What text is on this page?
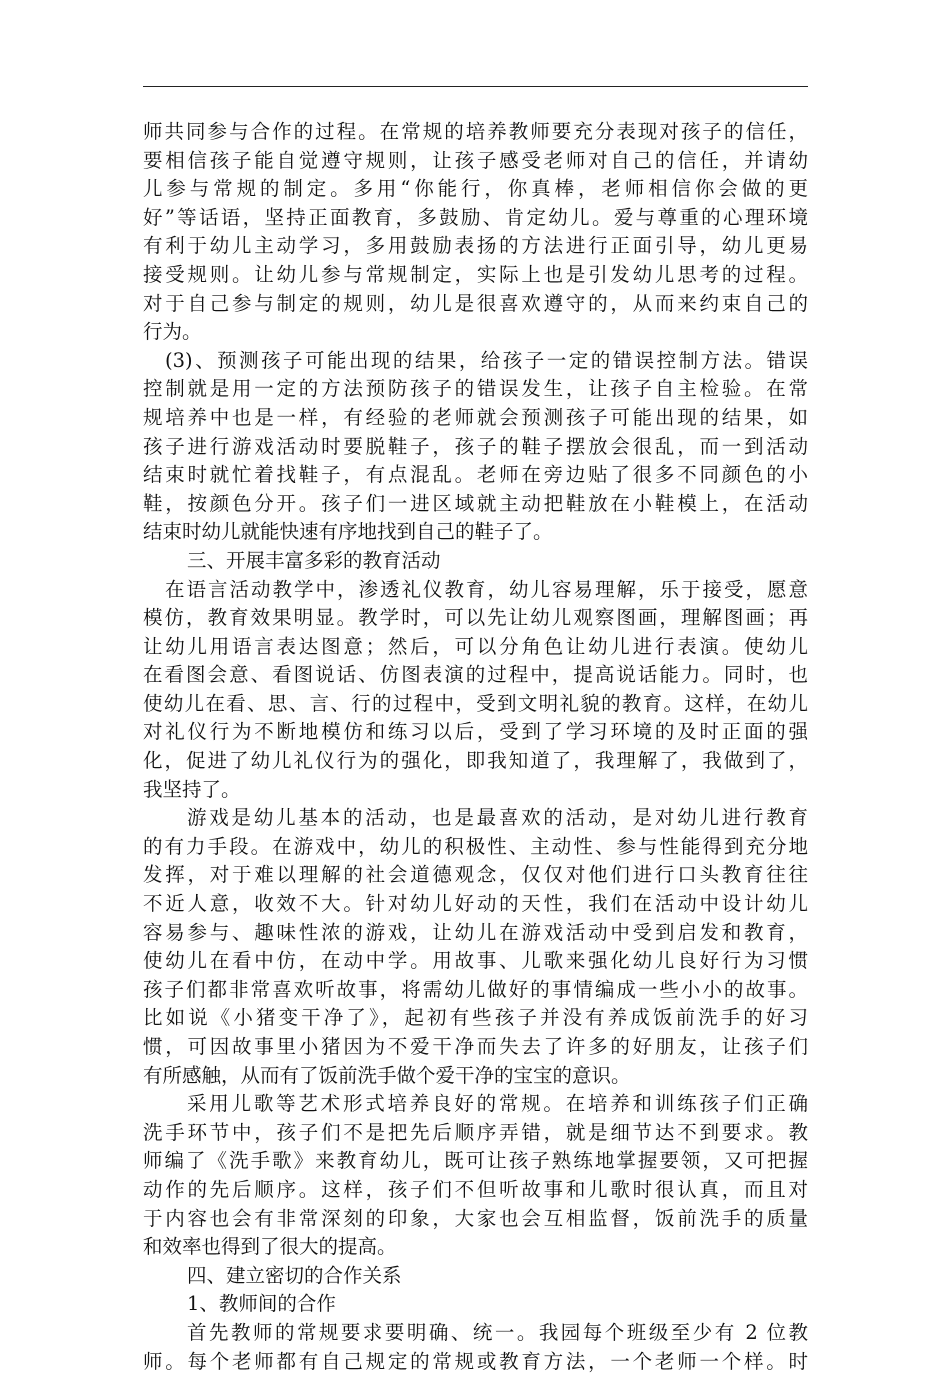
师共同参与合作的过程。在常规的培养教师要充分表现对孩子的信任，
要相信孩子能自觉遵守规则，让孩子感受老师对自己的信任，并请幼
儿参与常规的制定。多用“你能行，你真棒，老师相信你会做的更
好”等话语，坚持正面教育，多鼓励、肯定幼儿。爱与尊重的心理环境
有利于幼儿主动学习，多用鼓励表扬的方法进行正面引导，幼儿更易
接受规则。让幼儿参与常规制定，实际上也是引发幼儿思考的过程。
对于自己参与制定的规则，幼儿是很喜欢遵守的，从而来约束自己的
行为。
(3)、预测孩子可能出现的结果，给孩子一定的错误控制方法。错误
控制就是用一定的方法预防孩子的错误发生，让孩子自主检验。在常
规培养中也是一样，有经验的老师就会预测孩子可能出现的结果，如
孩子进行游戏活动时要脱鞋子，孩子的鞋子摆放会很乱，而一到活动
结束时就忙着找鞋子，有点混乱。老师在旁边贴了很多不同颜色的小
鞋，按颜色分开。孩子们一进区域就主动把鞋放在小鞋模上，在活动
结束时幼儿就能快速有序地找到自己的鞋子了。
三、开展丰富多彩的教育活动
在语言活动教学中，渗透礼仪教育，幼儿容易理解，乐于接受，愿意
模仿，教育效果明显。教学时，可以先让幼儿观察图画，理解图画；再
让幼儿用语言表达图意；然后，可以分角色让幼儿进行表演。使幼儿
在看图会意、看图说话、仿图表演的过程中，提高说话能力。同时，也
使幼儿在看、思、言、行的过程中，受到文明礼貌的教育。这样，在幼儿
对礼仪行为不断地模仿和练习以后，受到了学习环境的及时正面的强
化，促进了幼儿礼仪行为的强化，即我知道了，我理解了，我做到了，
我坚持了。
游戏是幼儿基本的活动，也是最喜欢的活动，是对幼儿进行教育
的有力手段。在游戏中，幼儿的积极性、主动性、参与性能得到充分地
发挥，对于难以理解的社会道德观念，仅仅对他们进行口头教育往往
不近人意，收效不大。针对幼儿好动的天性，我们在活动中设计幼儿
容易参与、趣味性浓的游戏，让幼儿在游戏活动中受到启发和教育，
使幼儿在看中仿，在动中学。用故事、儿歌来强化幼儿良好行为习惯
孩子们都非常喜欢听故事，将需幼儿做好的事情编成一些小小的故事。
比如说《小猪变干净了》，起初有些孩子并没有养成饭前洗手的好习
惯，可因故事里小猪因为不爱干净而失去了许多的好朋友，让孩子们
有所感触，从而有了饭前洗手做个爱干净的宝宝的意识。
采用儿歌等艺术形式培养良好的常规。在培养和训练孩子们正确
洗手环节中，孩子们不是把先后顺序弄错，就是细节达不到要求。教
师编了《洗手歌》来教育幼儿，既可让孩子熟练地掌握要领，又可把握
动作的先后顺序。这样，孩子们不但听故事和儿歌时很认真，而且对
于内容也会有非常深刻的印象，大家也会互相监督，饭前洗手的质量
和效率也得到了很大的提高。
四、建立密切的合作关系
1、教师间的合作
首先教师的常规要求要明确、统一。我园每个班级至少有 2 位教
师。每个老师都有自己规定的常规或教育方法，一个老师一个样。时
